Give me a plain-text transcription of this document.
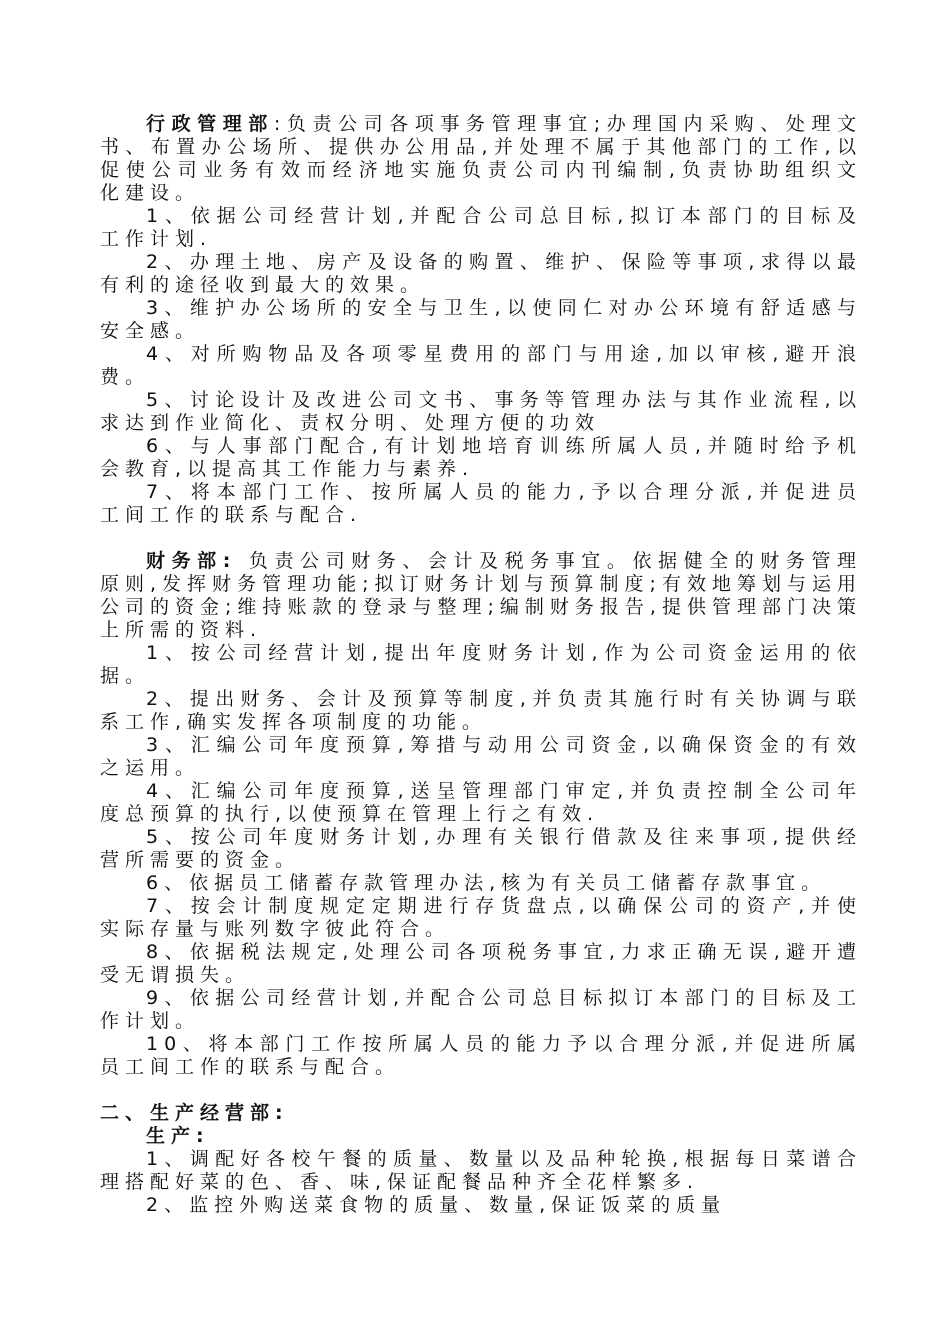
行政管理部:负责公司各项事务管理事宜;办理国内采购、处理文书、布置办公场所、提供办公用品,并处理不属于其他部门的工作,以促使公司业务有效而经济地实施负责公司内刊编制,负责协助组织文化建设。

1、依据公司经营计划,并配合公司总目标,拟订本部门的目标及工作计划.

2、办理土地、房产及设备的购置、维护、保险等事项,求得以最有利的途径收到最大的效果。

3、维护办公场所的安全与卫生,以使同仁对办公环境有舒适感与安全感。

4、对所购物品及各项零星费用的部门与用途,加以审核,避开浪费。

5、讨论设计及改进公司文书、事务等管理办法与其作业流程,以求达到作业简化、责权分明、处理方便的功效

6、与人事部门配合,有计划地培育训练所属人员,并随时给予机会教育,以提高其工作能力与素养.

7、将本部门工作、按所属人员的能力,予以合理分派,并促进员工间工作的联系与配合.

财务部: 负责公司财务、会计及税务事宜。依据健全的财务管理原则,发挥财务管理功能;拟订财务计划与预算制度;有效地筹划与运用公司的资金;维持账款的登录与整理;编制财务报告,提供管理部门决策上所需的资料.

1、按公司经营计划,提出年度财务计划,作为公司资金运用的依据。

2、提出财务、会计及预算等制度,并负责其施行时有关协调与联系工作,确实发挥各项制度的功能。

3、汇编公司年度预算,筹措与动用公司资金,以确保资金的有效之运用。

4、汇编公司年度预算,送呈管理部门审定,并负责控制全公司年度总预算的执行,以使预算在管理上行之有效.

5、按公司年度财务计划,办理有关银行借款及往来事项,提供经营所需要的资金。

6、依据员工储蓄存款管理办法,核为有关员工储蓄存款事宜。

7、按会计制度规定定期进行存货盘点,以确保公司的资产,并使实际存量与账列数字彼此符合。

8、依据税法规定,处理公司各项税务事宜,力求正确无误,避开遭受无谓损失。

9、依据公司经营计划,并配合公司总目标拟订本部门的目标及工作计划。

10、将本部门工作按所属人员的能力予以合理分派,并促进所属员工间工作的联系与配合。

二、生产经营部:

生产:

1、调配好各校午餐的质量、数量以及品种轮换,根据每日菜谱合理搭配好菜的色、香、味,保证配餐品种齐全花样繁多.

2、监控外购送菜食物的质量、数量,保证饭菜的质量
